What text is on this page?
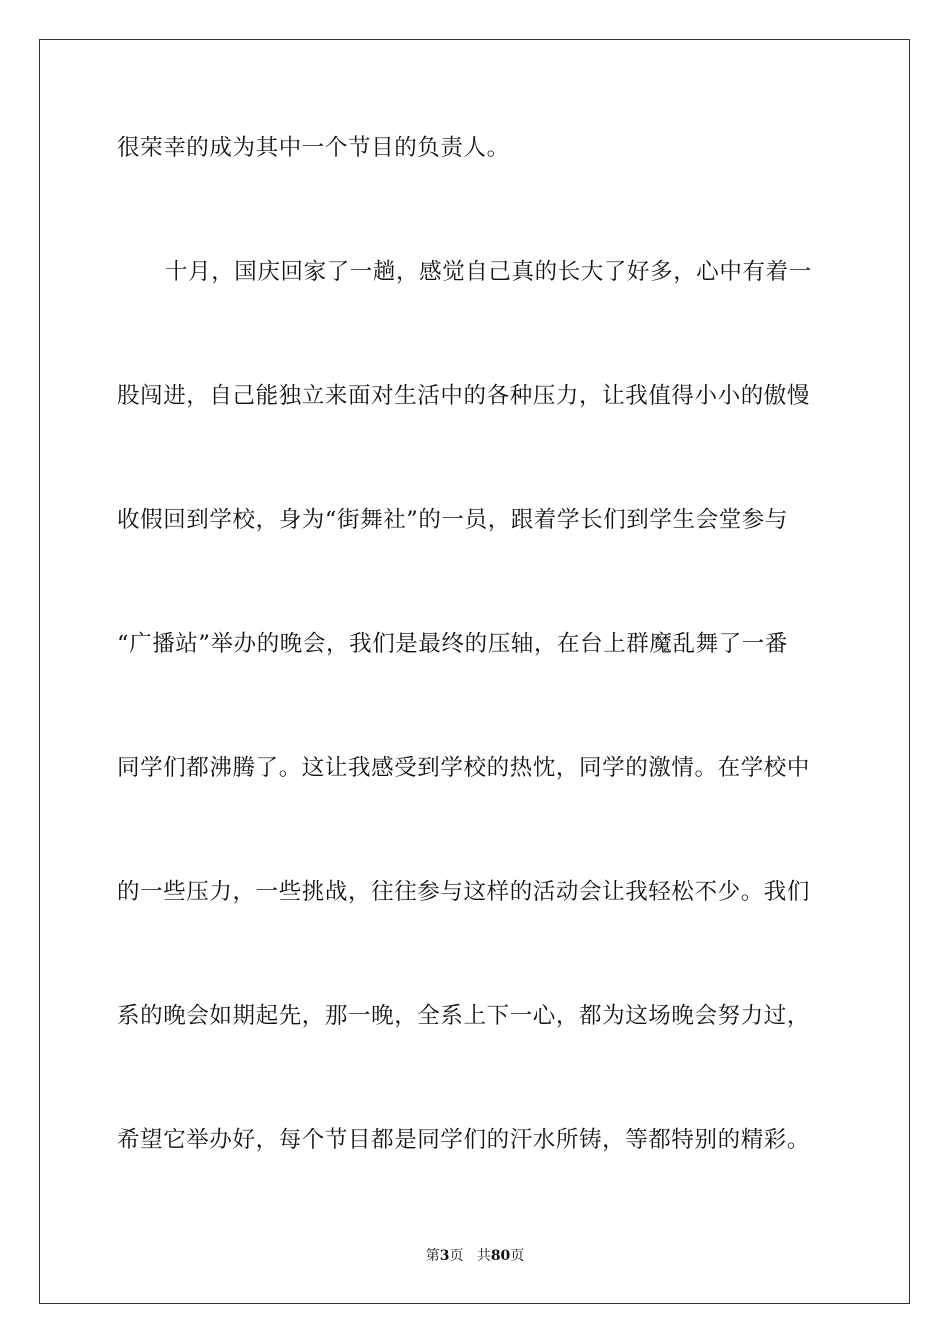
很荣幸的成为其中一个节目的负责人。

十月，国庆回家了一趟，感觉自己真的长大了好多，心中有着一

股闯进，自己能独立来面对生活中的各种压力，让我值得小小的傲慢

收假回到学校，身为“街舞社”的一员，跟着学长们到学生会堂参与

“广播站”举办的晚会，我们是最终的压轴，在台上群魔乱舞了一番

同学们都沸腾了。这让我感受到学校的热忱，同学的激情。在学校中

的一些压力，一些挑战，往往参与这样的活动会让我轻松不少。我们

系的晚会如期起先，那一晚，全系上下一心，都为这场晚会努力过，

希望它举办好，每个节目都是同学们的汗水所铸，等都特别的精彩。

第3页 共80页
